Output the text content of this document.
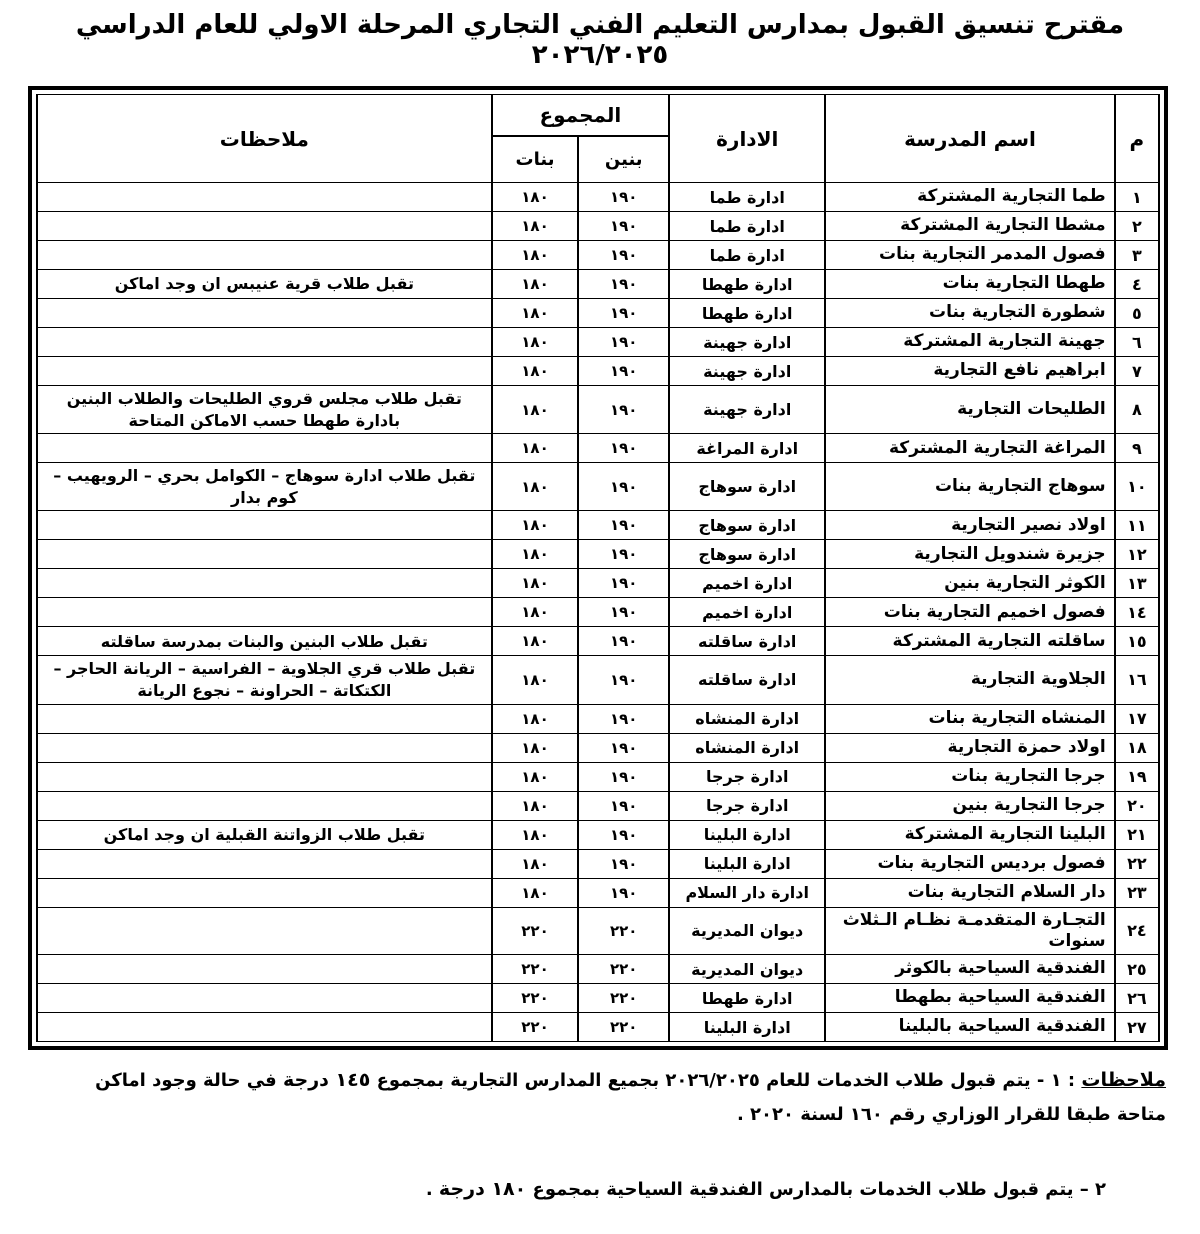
مقترح تنسيق القبول بمدارس التعليم الفني التجاري المرحلة الاولي للعام الدراسي ٢٠٢٦/٢٠٢٥
م	اسم المدرسة	الادارة	المجموع		ملاحظات
			بنين	بنات	
١	طما التجارية المشتركة	ادارة طما	١٩٠	١٨٠	
٢	مشطا التجارية المشتركة	ادارة طما	١٩٠	١٨٠	
٣	فصول المدمر التجارية بنات	ادارة طما	١٩٠	١٨٠	
٤	طهطا التجارية بنات	ادارة طهطا	١٩٠	١٨٠	تقبل طلاب قرية عنيبس ان وجد اماكن
٥	شطورة التجارية بنات	ادارة طهطا	١٩٠	١٨٠	
٦	جهينة التجارية المشتركة	ادارة جهينة	١٩٠	١٨٠	
٧	ابراهيم نافع التجارية	ادارة جهينة	١٩٠	١٨٠	
٨	الطليحات التجارية	ادارة جهينة	١٩٠	١٨٠	تقبل طلاب مجلس قروي الطليحات والطلاب البنين بادارة طهطا حسب الاماكن المتاحة
٩	المراغة التجارية المشتركة	ادارة المراغة	١٩٠	١٨٠	
١٠	سوهاج التجارية بنات	ادارة سوهاج	١٩٠	١٨٠	تقبل طلاب ادارة سوهاج – الكوامل بحري – الرويهيب – كوم بدار
١١	اولاد نصير التجارية	ادارة سوهاج	١٩٠	١٨٠	
١٢	جزيرة شندويل التجارية	ادارة سوهاج	١٩٠	١٨٠	
١٣	الكوثر التجارية بنين	ادارة اخميم	١٩٠	١٨٠	
١٤	فصول اخميم التجارية بنات	ادارة اخميم	١٩٠	١٨٠	
١٥	ساقلته التجارية المشتركة	ادارة ساقلته	١٩٠	١٨٠	تقبل طلاب البنين والبنات بمدرسة ساقلته
١٦	الجلاوية التجارية	ادارة ساقلته	١٩٠	١٨٠	تقبل طلاب قري الجلاوية – الفراسية – الريانة الحاجر – الكتكاتة – الحراونة – نجوع الريانة
١٧	المنشاه التجارية بنات	ادارة المنشاه	١٩٠	١٨٠	
١٨	اولاد حمزة التجارية	ادارة المنشاه	١٩٠	١٨٠	
١٩	جرجا التجارية بنات	ادارة جرجا	١٩٠	١٨٠	
٢٠	جرجا التجارية بنين	ادارة جرجا	١٩٠	١٨٠	
٢١	البلينا التجارية المشتركة	ادارة البلينا	١٩٠	١٨٠	تقبل طلاب الزواتنة القبلية ان وجد اماكن
٢٢	فصول برديس التجارية بنات	ادارة البلينا	١٩٠	١٨٠	
٢٣	دار السلام التجارية بنات	ادارة دار السلام	١٩٠	١٨٠	
٢٤	التجـارة المتقدمـة نظـام الـثلاث سنوات	ديوان المديرية	٢٢٠	٢٢٠	
٢٥	الفندقية السياحية بالكوثر	ديوان المديرية	٢٢٠	٢٢٠	
٢٦	الفندقية السياحية بطهطا	ادارة طهطا	٢٢٠	٢٢٠	
٢٧	الفندقية السياحية بالبلينا	ادارة البلينا	٢٢٠	٢٢٠	

ملاحظات : ١ - يتم قبول طلاب الخدمات للعام ٢٠٢٦/٢٠٢٥ بجميع المدارس التجارية بمجموع ١٤٥ درجة في حالة وجود اماكن متاحة طبقا للقرار الوزاري رقم ١٦٠ لسنة ٢٠٢٠ .

٢ – يتم قبول طلاب الخدمات بالمدارس الفندقية السياحية بمجموع ١٨٠ درجة .
